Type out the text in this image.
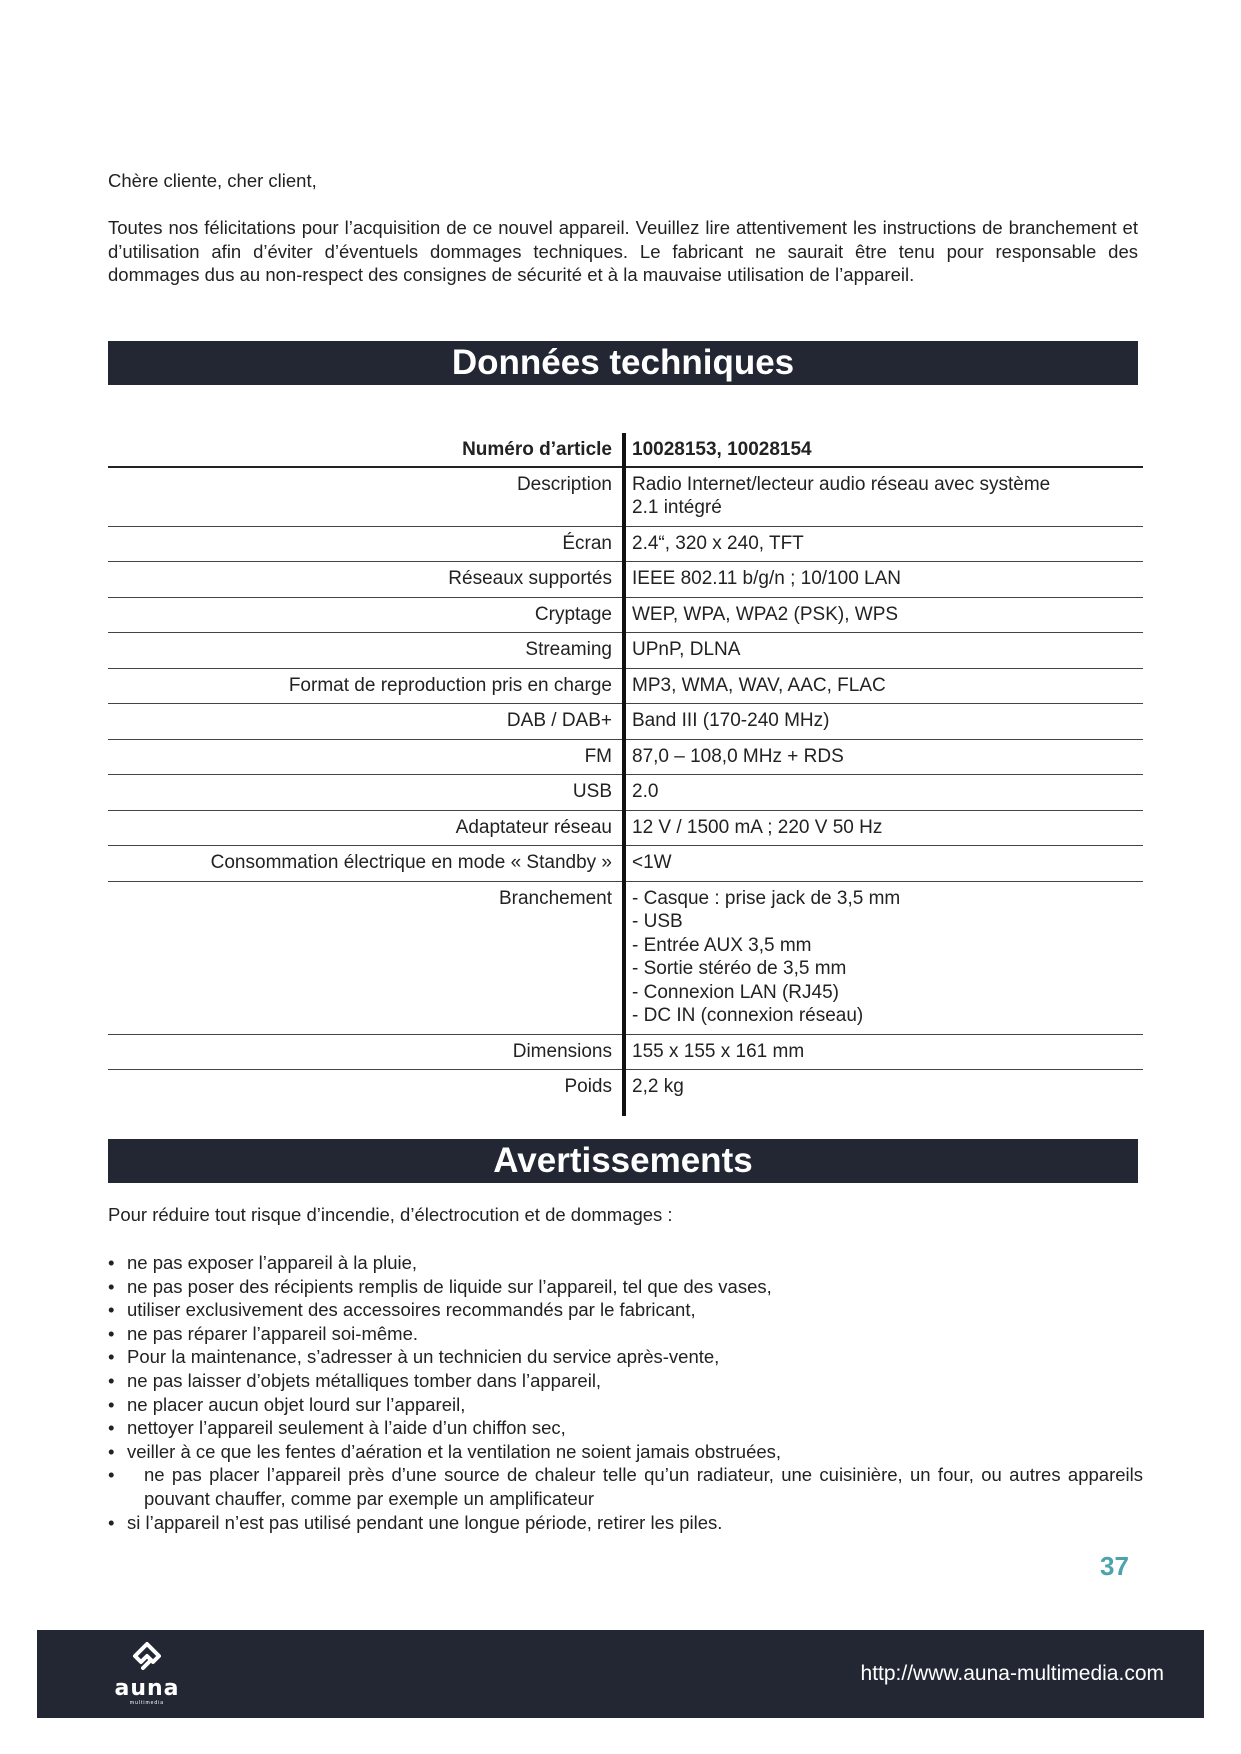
Chère cliente, cher client,
Toutes nos félicitations pour l’acquisition de ce nouvel appareil. Veuillez lire attentivement les instructions de branchement et d’utilisation afin d’éviter d’éventuels dommages techniques. Le fabricant ne saurait être tenu pour responsable des dommages dus au non-respect des consignes de sécurité et à la mauvaise utilisation de l’appareil.
Données techniques
Numéro d’article	10028153, 10028154
Description	Radio Internet/lecteur audio réseau avec système 2.1 intégré
Écran	2.4“, 320 x 240, TFT
Réseaux supportés	IEEE 802.11 b/g/n ; 10/100 LAN
Cryptage	WEP, WPA, WPA2 (PSK), WPS
Streaming	UPnP, DLNA
Format de reproduction pris en charge	MP3, WMA, WAV, AAC, FLAC
DAB / DAB+	Band III (170-240 MHz)
FM	87,0 – 108,0 MHz + RDS
USB	2.0
Adaptateur réseau	12 V / 1500 mA ; 220 V 50 Hz
Consommation électrique en mode « Standby »	<1W
Branchement
-	Casque : prise jack de 3,5 mm
- USB
- Entrée AUX 3,5 mm
- Sortie stéréo de 3,5 mm
- Connexion LAN (RJ45)
- DC IN (connexion réseau)
Dimensions	155 x 155 x 161 mm
Poids	2,2 kg
Avertissements
Pour réduire tout risque d’incendie, d’électrocution et de dommages :
• ne pas exposer l’appareil à la pluie,
• ne pas poser des récipients remplis de liquide sur l’appareil, tel que des vases,
• utiliser exclusivement des accessoires recommandés par le fabricant,
• ne pas réparer l’appareil soi-même.
• Pour la maintenance, s’adresser à un technicien du service après-vente,
• ne pas laisser d’objets métalliques tomber dans l’appareil,
• ne placer aucun objet lourd sur l’appareil,
• nettoyer l’appareil seulement à l’aide d’un chiffon sec,
• veiller à ce que les fentes d’aération et la ventilation ne soient jamais obstruées,
• ne pas placer l’appareil près d’une source de chaleur telle qu’un radiateur, une cuisinière, un four, ou autres appareils pouvant chauffer, comme par exemple un amplificateur
• si l’appareil n’est pas utilisé pendant une longue période, retirer les piles.
37
auna
multimedia
http://www.auna-multimedia.com
